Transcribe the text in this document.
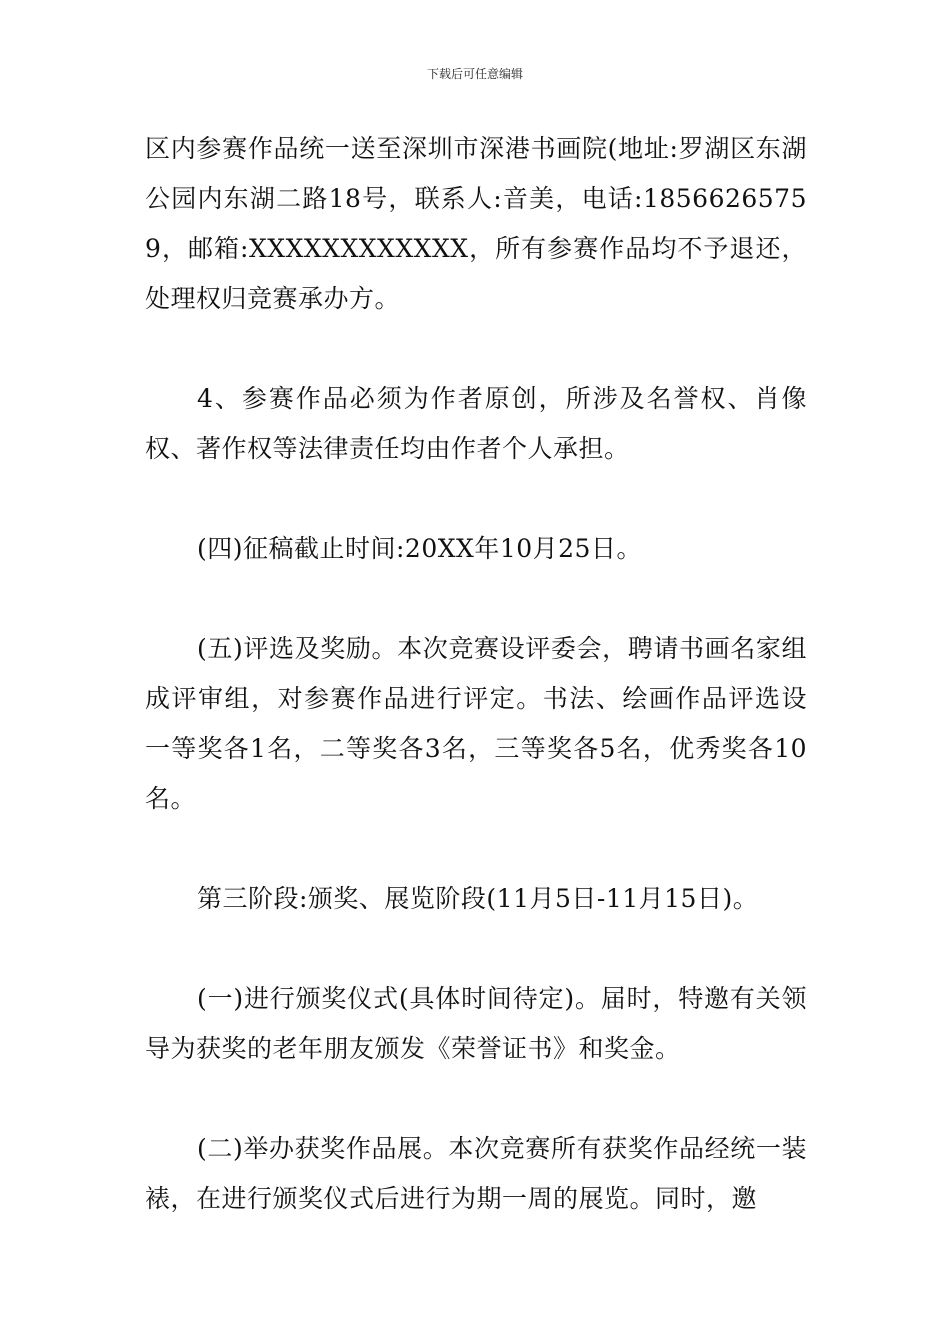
下载后可任意编辑

区内参赛作品统一送至深圳市深港书画院(地址:罗湖区东湖公园内东湖二路18号，联系人:音美，电话:18566265759，邮箱:XXXXXXXXXXXX，所有参赛作品均不予退还，处理权归竞赛承办方。

4、参赛作品必须为作者原创，所涉及名誉权、肖像权、著作权等法律责任均由作者个人承担。

(四)征稿截止时间:20XX年10月25日。

(五)评选及奖励。本次竞赛设评委会，聘请书画名家组成评审组，对参赛作品进行评定。书法、绘画作品评选设一等奖各1名，二等奖各3名，三等奖各5名，优秀奖各10名。

第三阶段:颁奖、展览阶段(11月5日-11月15日)。

(一)进行颁奖仪式(具体时间待定)。届时，特邀有关领导为获奖的老年朋友颁发《荣誉证书》和奖金。

(二)举办获奖作品展。本次竞赛所有获奖作品经统一装裱，在进行颁奖仪式后进行为期一周的展览。同时，邀
